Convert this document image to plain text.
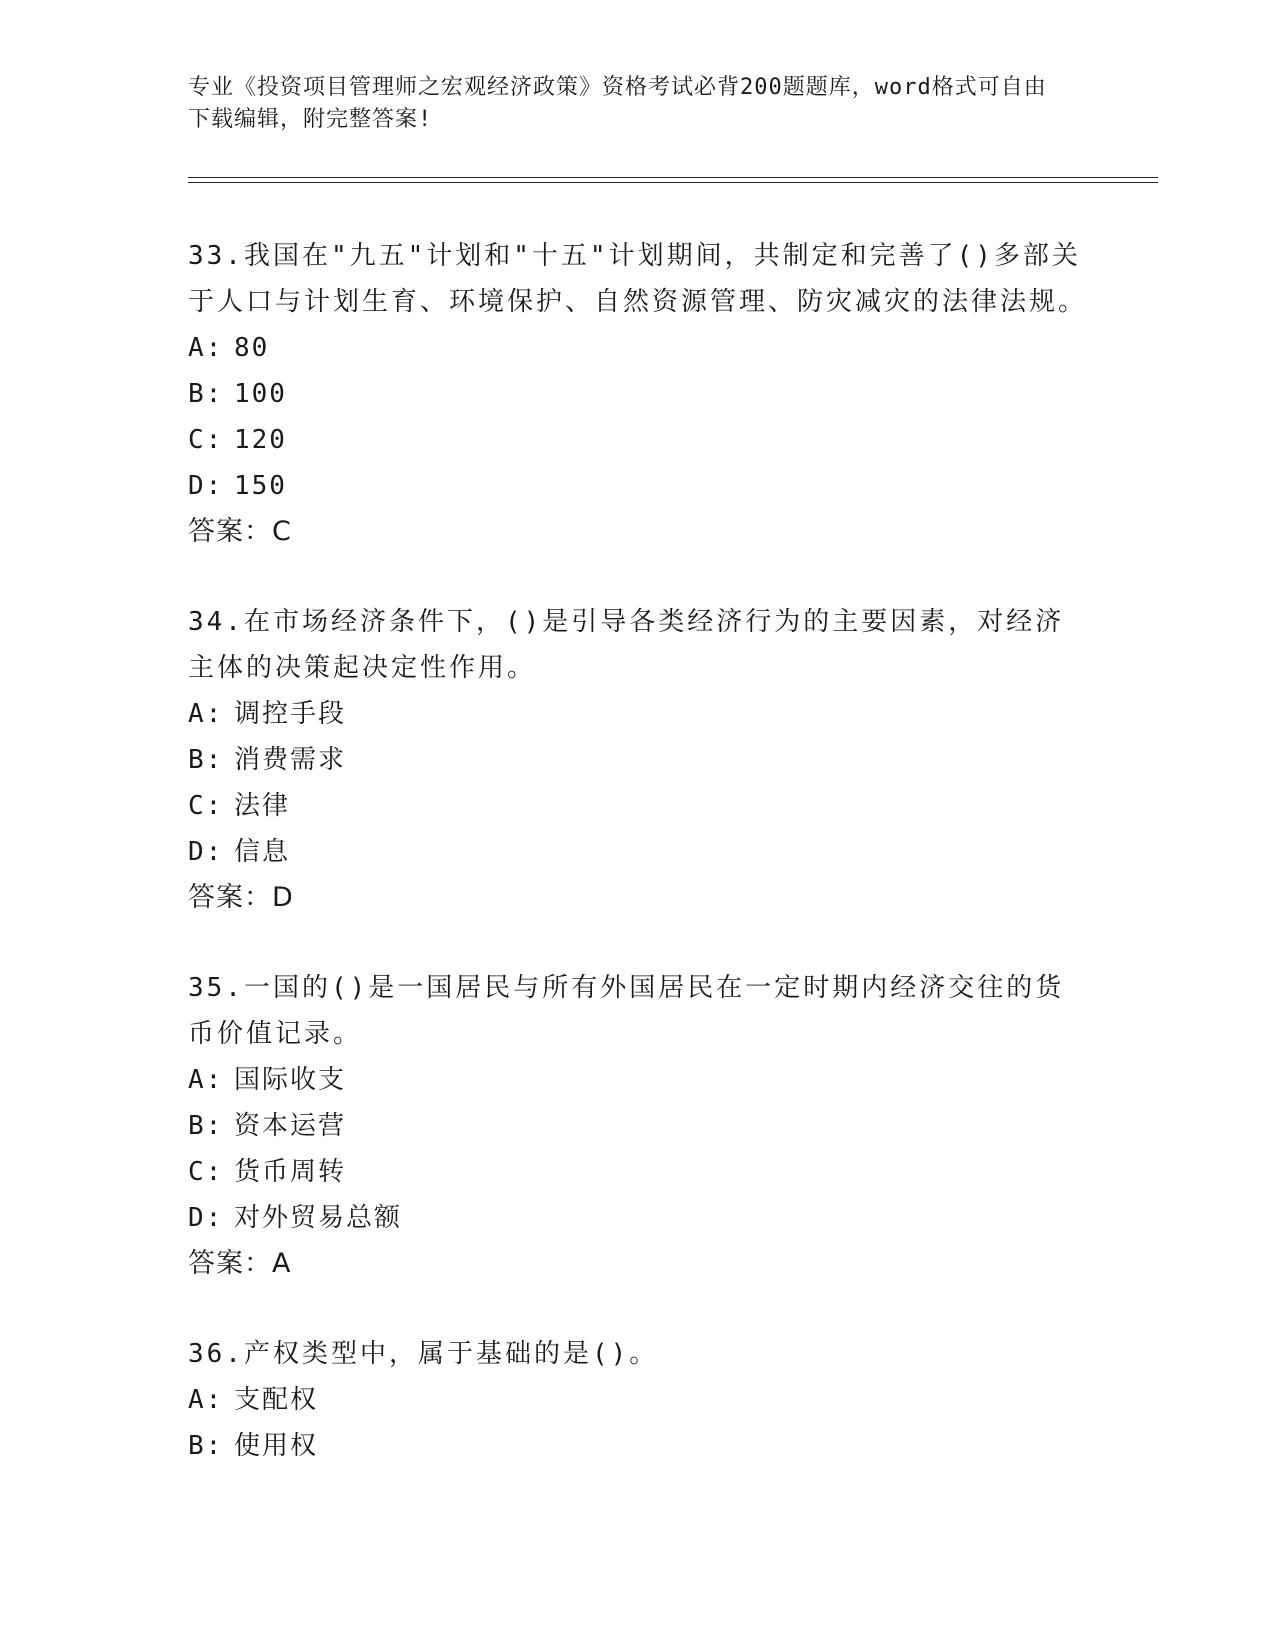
专业《投资项目管理师之宏观经济政策》资格考试必背200题题库，word格式可自由下载编辑，附完整答案!

33.我国在"九五"计划和"十五"计划期间，共制定和完善了()多部关于人口与计划生育、环境保护、自然资源管理、防灾减灾的法律法规。

A: 80

B: 100

C: 120

D: 150

答案：C

34.在市场经济条件下，()是引导各类经济行为的主要因素，对经济主体的决策起决定性作用。

A: 调控手段

B: 消费需求

C: 法律

D: 信息

答案：D

35.一国的()是一国居民与所有外国居民在一定时期内经济交往的货币价值记录。

A: 国际收支

B: 资本运营

C: 货币周转

D: 对外贸易总额

答案：A

36.产权类型中，属于基础的是()。

A: 支配权

B: 使用权
